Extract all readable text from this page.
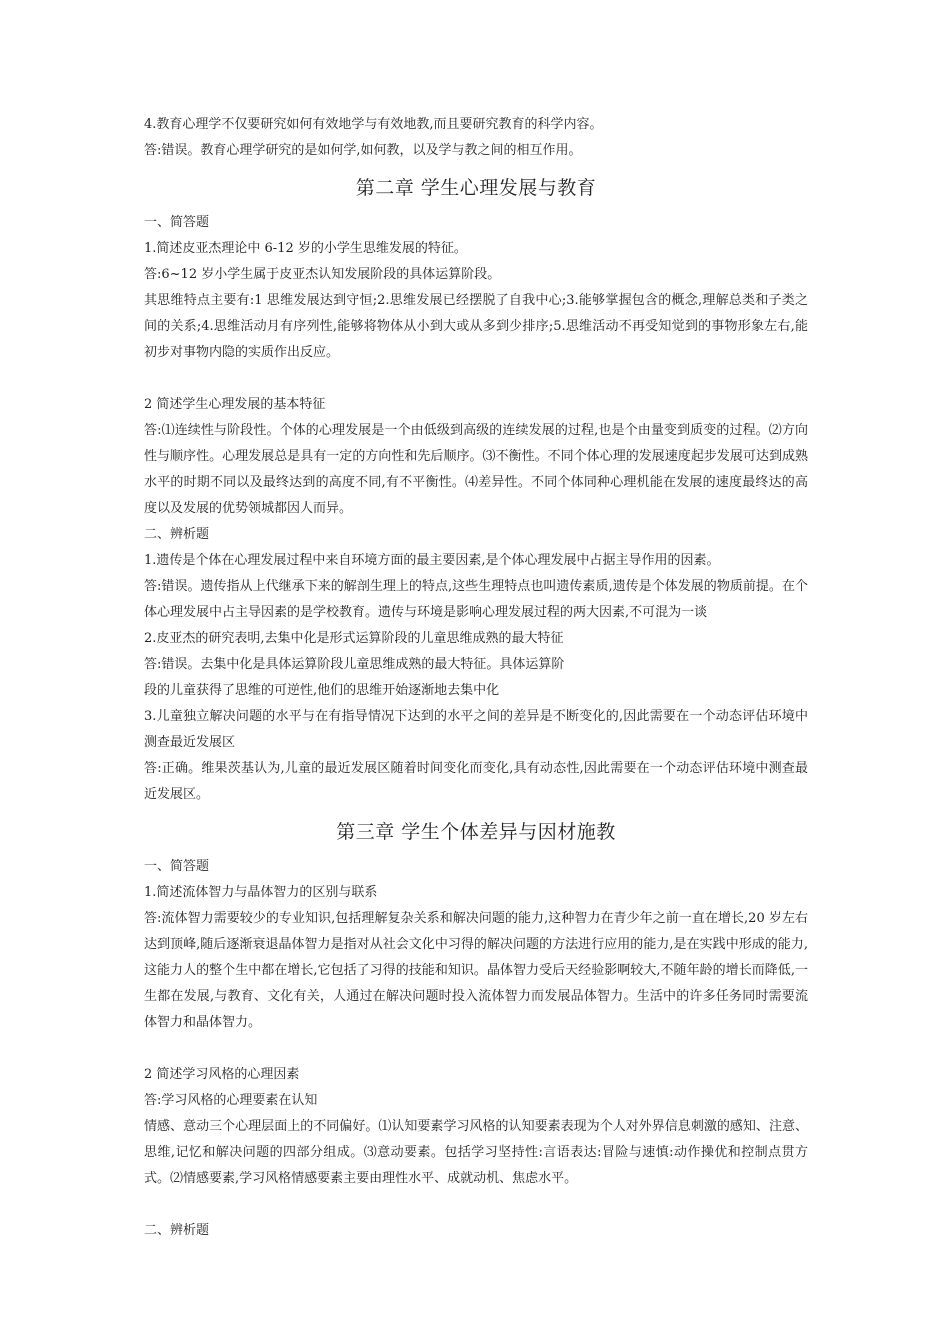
4.教育心理学不仅要研究如何有效地学与有效地教,而且要研究教育的科学内容。
答:错误。教育心理学研究的是如何学,如何教，以及学与教之间的相互作用。
第二章 学生心理发展与教育
一、简答题
1.简述皮亚杰理论中 6-12 岁的小学生思维发展的特征。
答:6~12 岁小学生属于皮亚杰认知发展阶段的具体运算阶段。
其思维特点主要有:1 思维发展达到守恒;2.思维发展已经摆脱了自我中心;3.能够掌握包含的概念,理解总类和子类之间的关系;4.思维活动月有序列性,能够将物体从小到大或从多到少排序;5.思维活动不再受知觉到的事物形象左右,能初步对事物内隐的实质作出反应。
2 简述学生心理发展的基本特征
答:⑴连续性与阶段性。个体的心理发展是一个由低级到高级的连续发展的过程,也是个由量变到质变的过程。⑵方向性与顺序性。心理发展总是具有一定的方向性和先后顺序。⑶不衡性。不同个体心理的发展速度起步发展可达到成熟水平的时期不同以及最终达到的高度不同,有不平衡性。⑷差异性。不同个体同种心理机能在发展的速度最终达的高度以及发展的优势领城都因人而异。
二、辨析题
1.遗传是个体在心理发展过程中来自环境方面的最主要因素,是个体心理发展中占据主导作用的因素。
答:错误。遗传指从上代继承下来的解剖生理上的特点,这些生理特点也叫遗传素质,遗传是个体发展的物质前提。在个体心理发展中占主导因素的是学校教育。遗传与环境是影响心理发展过程的两大因素,不可混为一谈
2.皮亚杰的研究表明,去集中化是形式运算阶段的儿童思维成熟的最大特征
答:错误。去集中化是具体运算阶段儿童思维成熟的最大特征。具体运算阶
段的儿童获得了思维的可逆性,他们的思维开始逐渐地去集中化
3.儿童独立解决问题的水平与在有指导情况下达到的水平之间的差异是不断变化的,因此需要在一个动态评估环境中测查最近发展区
答:正确。维果茨基认为,儿童的最近发展区随着时间变化而变化,具有动态性,因此需要在一个动态评估环境中测查最近发展区。
第三章 学生个体差异与因材施教
一、简答题
1.简述流体智力与晶体智力的区别与联系
答:流体智力需要较少的专业知识,包括理解复杂关系和解决问题的能力,这种智力在青少年之前一直在增长,20 岁左右达到顶峰,随后逐渐衰退晶体智力是指对从社会文化中习得的解决问题的方法进行应用的能力,是在实践中形成的能力,这能力人的整个生中都在增长,它包括了习得的技能和知识。晶体智力受后天经验影啊较大,不随年龄的增长而降低,一生都在发展,与教育、文化有关，人通过在解决问题时投入流体智力而发展品体智力。生活中的许多任务同时需要流体智力和晶体智力。
2 简述学习风格的心理因素
答:学习风格的心理要素在认知
情感、意动三个心理层面上的不同偏好。⑴认知要素学习风格的认知要素表现为个人对外界信息刺激的感知、注意、思维,记忆和解决问题的四部分组成。⑶意动要素。包括学习坚持性:言语表达:冒险与速慎:动作操优和控制点贯方式。⑵情感要素,学习风格情感要素主要由理性水平、成就动机、焦虑水平。
二、辨析题
